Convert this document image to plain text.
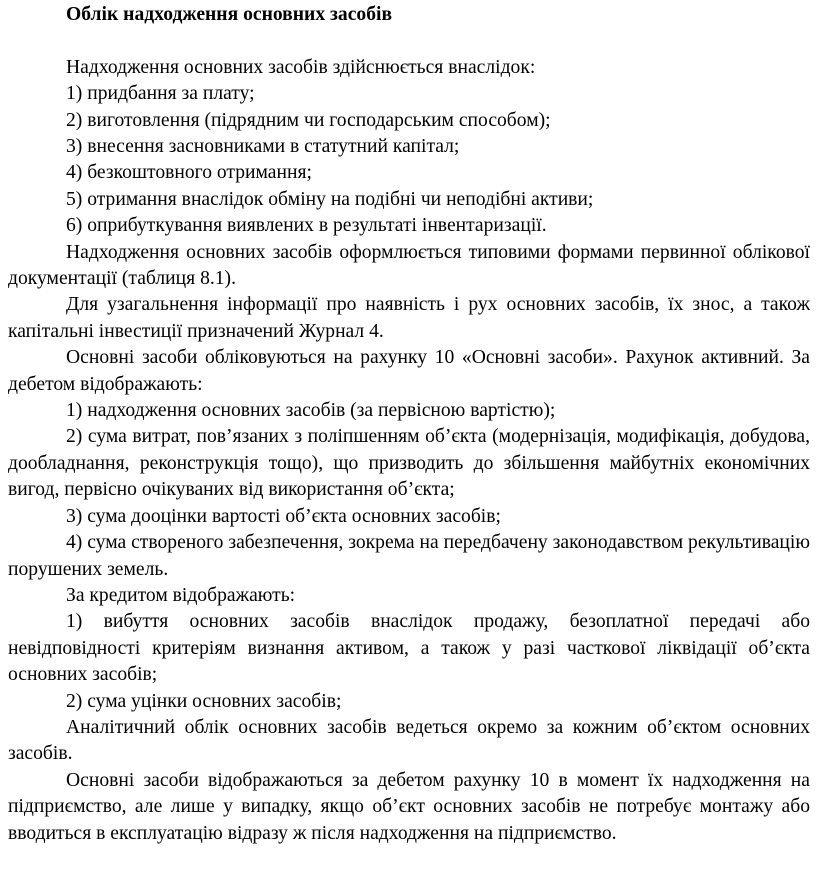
Облік надходження основних засобів

Надходження основних засобів здійснюється внаслідок:

1) придбання за плату;

2) виготовлення (підрядним чи господарським способом);

3) внесення засновниками в статутний капітал;

4) безкоштовного отримання;

5) отримання внаслідок обміну на подібні чи неподібні активи;

6) оприбуткування виявлених в результаті інвентаризації.

Надходження основних засобів оформлюється типовими формами первинної облікової документації (таблиця 8.1).

Для узагальнення інформації про наявність і рух основних засобів, їх знос, а також капітальні інвестиції призначений Журнал 4.

Основні засоби обліковуються на рахунку 10 «Основні засоби». Рахунок активний. За дебетом відображають:

1) надходження основних засобів (за первісною вартістю);

2) сума витрат, пов’язаних з поліпшенням об’єкта (модернізація, модифікація, добудова, дообладнання, реконструкція тощо), що призводить до збільшення майбутніх економічних вигод, первісно очікуваних від використання об’єкта;

3) сума дооцінки вартості об’єкта основних засобів;

4) сума створеного забезпечення, зокрема на передбачену законодавством рекультивацію порушених земель.

За кредитом відображають:

1) вибуття основних засобів внаслідок продажу, безоплатної передачі або невідповідності критеріям визнання активом, а також у разі часткової ліквідації об’єкта основних засобів;

2) сума уцінки основних засобів;

Аналітичний облік основних засобів ведеться окремо за кожним об’єктом основних засобів.

Основні засоби відображаються за дебетом рахунку 10 в момент їх надходження на підприємство, але лише у випадку, якщо об’єкт основних засобів не потребує монтажу або вводиться в експлуатацію відразу ж після надходження на підприємство.
